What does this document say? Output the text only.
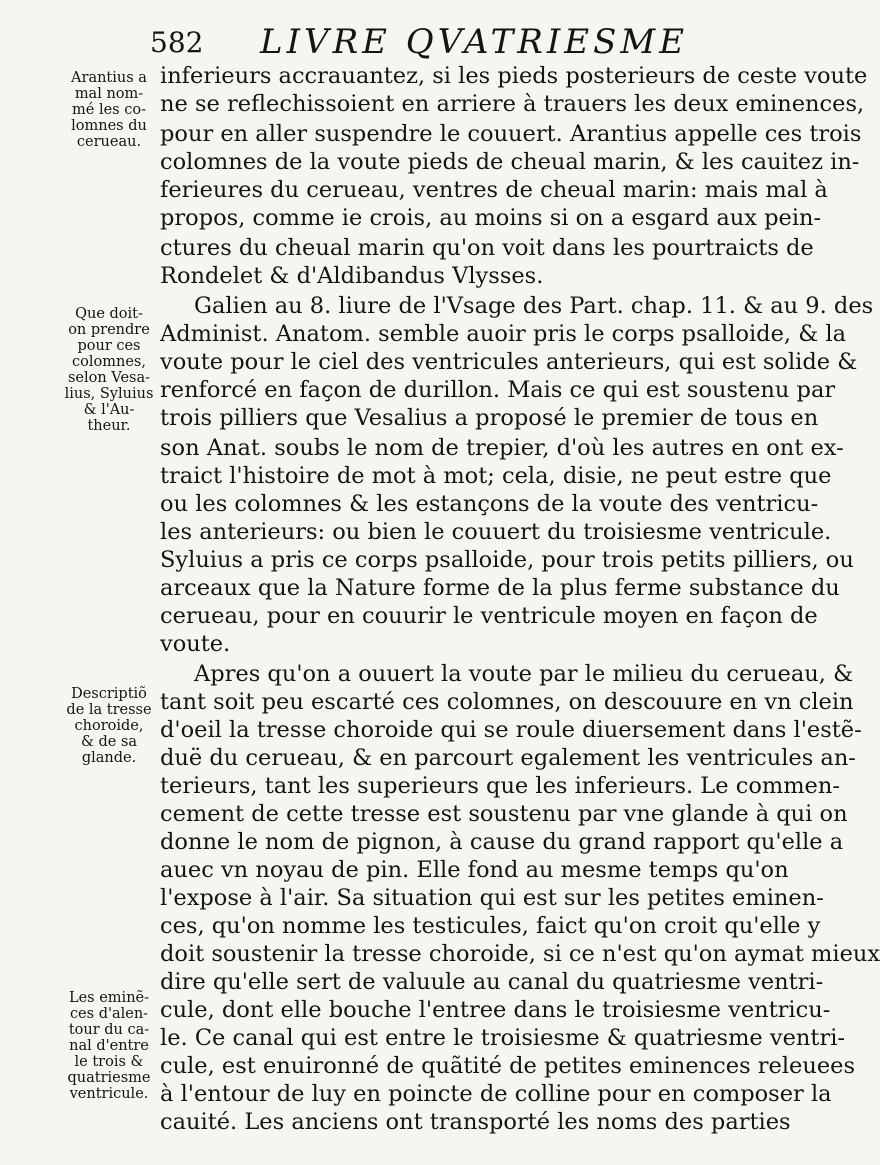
582 LIVRE QVATRIESME
Arantius a
mal nom-
mé les co-
lomnes du
cerueau.
Que doit-
on prendre
pour ces
colomnes,
selon Vesa-
lius, Syluius
& l'Au-
theur.
Descriptiõ
de la tresse
choroide,
& de sa
glande.
Les eminẽ-
ces d'alen-
tour du ca-
nal d'entre
le trois &
quatriesme
ventricule.
inferieurs accrauantez, si les pieds posterieurs de ceste voute
ne se reflechissoient en arriere à trauers les deux eminences,
pour en aller suspendre le couuert. Arantius appelle ces trois
colomnes de la voute pieds de cheual marin, & les cauitez in-
ferieures du cerueau, ventres de cheual marin: mais mal à
propos, comme ie crois, au moins si on a esgard aux pein-
ctures du cheual marin qu'on voit dans les pourtraicts de
Rondelet & d'Aldibandus Vlysses.
Galien au 8. liure de l'Vsage des Part. chap. 11. & au 9. des
Administ. Anatom. semble auoir pris le corps psalloide, & la
voute pour le ciel des ventricules anterieurs, qui est solide &
renforcé en façon de durillon. Mais ce qui est soustenu par
trois pilliers que Vesalius a proposé le premier de tous en
son Anat. soubs le nom de trepier, d'où les autres en ont ex-
traict l'histoire de mot à mot; cela, disie, ne peut estre que
ou les colomnes & les estançons de la voute des ventricu-
les anterieurs: ou bien le couuert du troisiesme ventricule.
Syluius a pris ce corps psalloide, pour trois petits pilliers, ou
arceaux que la Nature forme de la plus ferme substance du
cerueau, pour en couurir le ventricule moyen en façon de
voute.
Apres qu'on a ouuert la voute par le milieu du cerueau, &
tant soit peu escarté ces colomnes, on descouure en vn clein
d'oeil la tresse choroide qui se roule diuersement dans l'estẽ-
duë du cerueau, & en parcourt egalement les ventricules an-
terieurs, tant les superieurs que les inferieurs. Le commen-
cement de cette tresse est soustenu par vne glande à qui on
donne le nom de pignon, à cause du grand rapport qu'elle a
auec vn noyau de pin. Elle fond au mesme temps qu'on
l'expose à l'air. Sa situation qui est sur les petites eminen-
ces, qu'on nomme les testicules, faict qu'on croit qu'elle y
doit soustenir la tresse choroide, si ce n'est qu'on aymat mieux
dire qu'elle sert de valuule au canal du quatriesme ventri-
cule, dont elle bouche l'entree dans le troisiesme ventricu-
le. Ce canal qui est entre le troisiesme & quatriesme ventri-
cule, est enuironné de quãtité de petites eminences releuees
à l'entour de luy en poincte de colline pour en composer la
cauité. Les anciens ont transporté les noms des parties
